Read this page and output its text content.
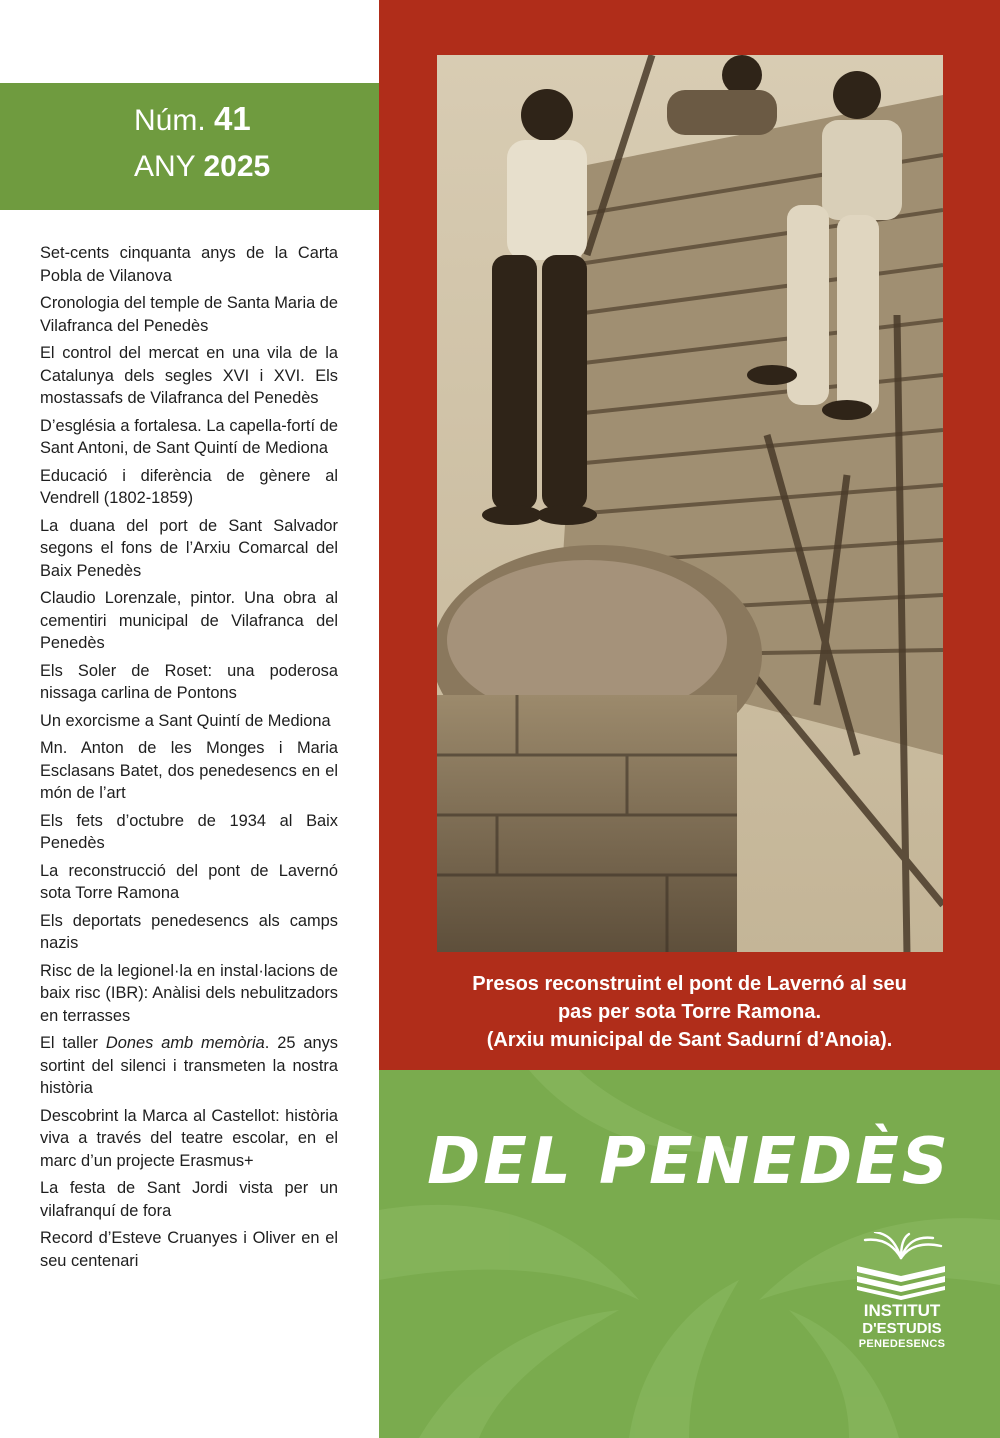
Núm. 41
ANY 2025
Set-cents cinquanta anys de la Carta Pobla de Vilanova
Cronologia del temple de Santa Maria de Vilafranca del Penedès
El control del mercat en una vila de la Catalunya dels segles XVI i XVI. Els mostassafs de Vilafranca del Penedès
D’església a fortalesa. La capella-fortí de Sant Antoni, de Sant Quintí de Mediona
Educació i diferència de gènere al Vendrell (1802-1859)
La duana del port de Sant Salvador segons el fons de l’Arxiu Comarcal del Baix Penedès
Claudio Lorenzale, pintor. Una obra al cementiri municipal de Vilafranca del Penedès
Els Soler de Roset: una poderosa nissaga carlina de Pontons
Un exorcisme a Sant Quintí de Mediona
Mn. Anton de les Monges i Maria Esclasans Batet, dos penedesencs en el món de l’art
Els fets d’octubre de 1934 al Baix Penedès
La reconstrucció del pont de Lavernó sota Torre Ramona
Els deportats penedesencs als camps nazis
Risc de la legionel·la en instal·lacions de baix risc (IBR): Anàlisi dels nebulitzadors en terrasses
El taller Dones amb memòria. 25 anys sortint del silenci i transmeten la nostra història
Descobrint la Marca al Castellot: història viva a través del teatre escolar, en el marc d’un projecte Erasmus+
La festa de Sant Jordi vista per un vilafranquí de fora
Record d’Esteve Cruanyes i Oliver en el seu centenari
Presos reconstruint el pont de Lavernó al seu
pas per sota Torre Ramona.
(Arxiu municipal de Sant Sadurní d’Anoia).
DEL PENEDÈS
INSTITUT
D'ESTUDIS
PENEDESENCS
